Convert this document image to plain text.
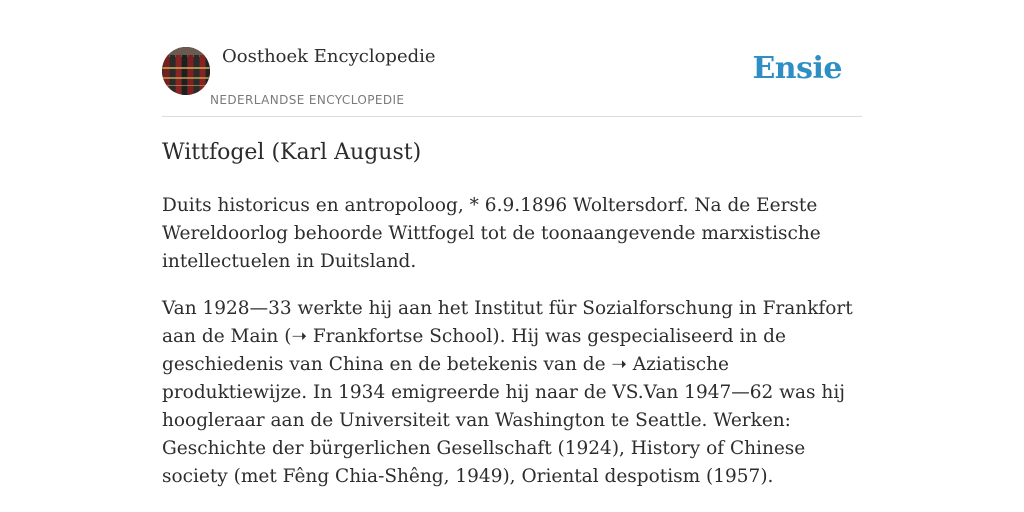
Oosthoek Encyclopedie
NEDERLANDSE ENCYCLOPEDIE
Ensie
Wittfogel (Karl August)

Duits historicus en antropoloog, * 6.9.1896 Woltersdorf. Na de Eerste Wereldoorlog behoorde Wittfogel tot de toonaangevende marxistische intellectuelen in Duitsland.

Van 1928—33 werkte hij aan het Institut für Sozialforschung in Frankfort aan de Main (➝ Frankfortse School). Hij was gespecialiseerd in de geschiedenis van China en de betekenis van de ➝ Aziatische produktiewijze. In 1934 emigreerde hij naar de VS.Van 1947—62 was hij hoogleraar aan de Universiteit van Washington te Seattle. Werken: Geschichte der bürgerlichen Gesellschaft (1924), History of Chinese society (met Fêng Chia-Shêng, 1949), Oriental despotism (1957).
